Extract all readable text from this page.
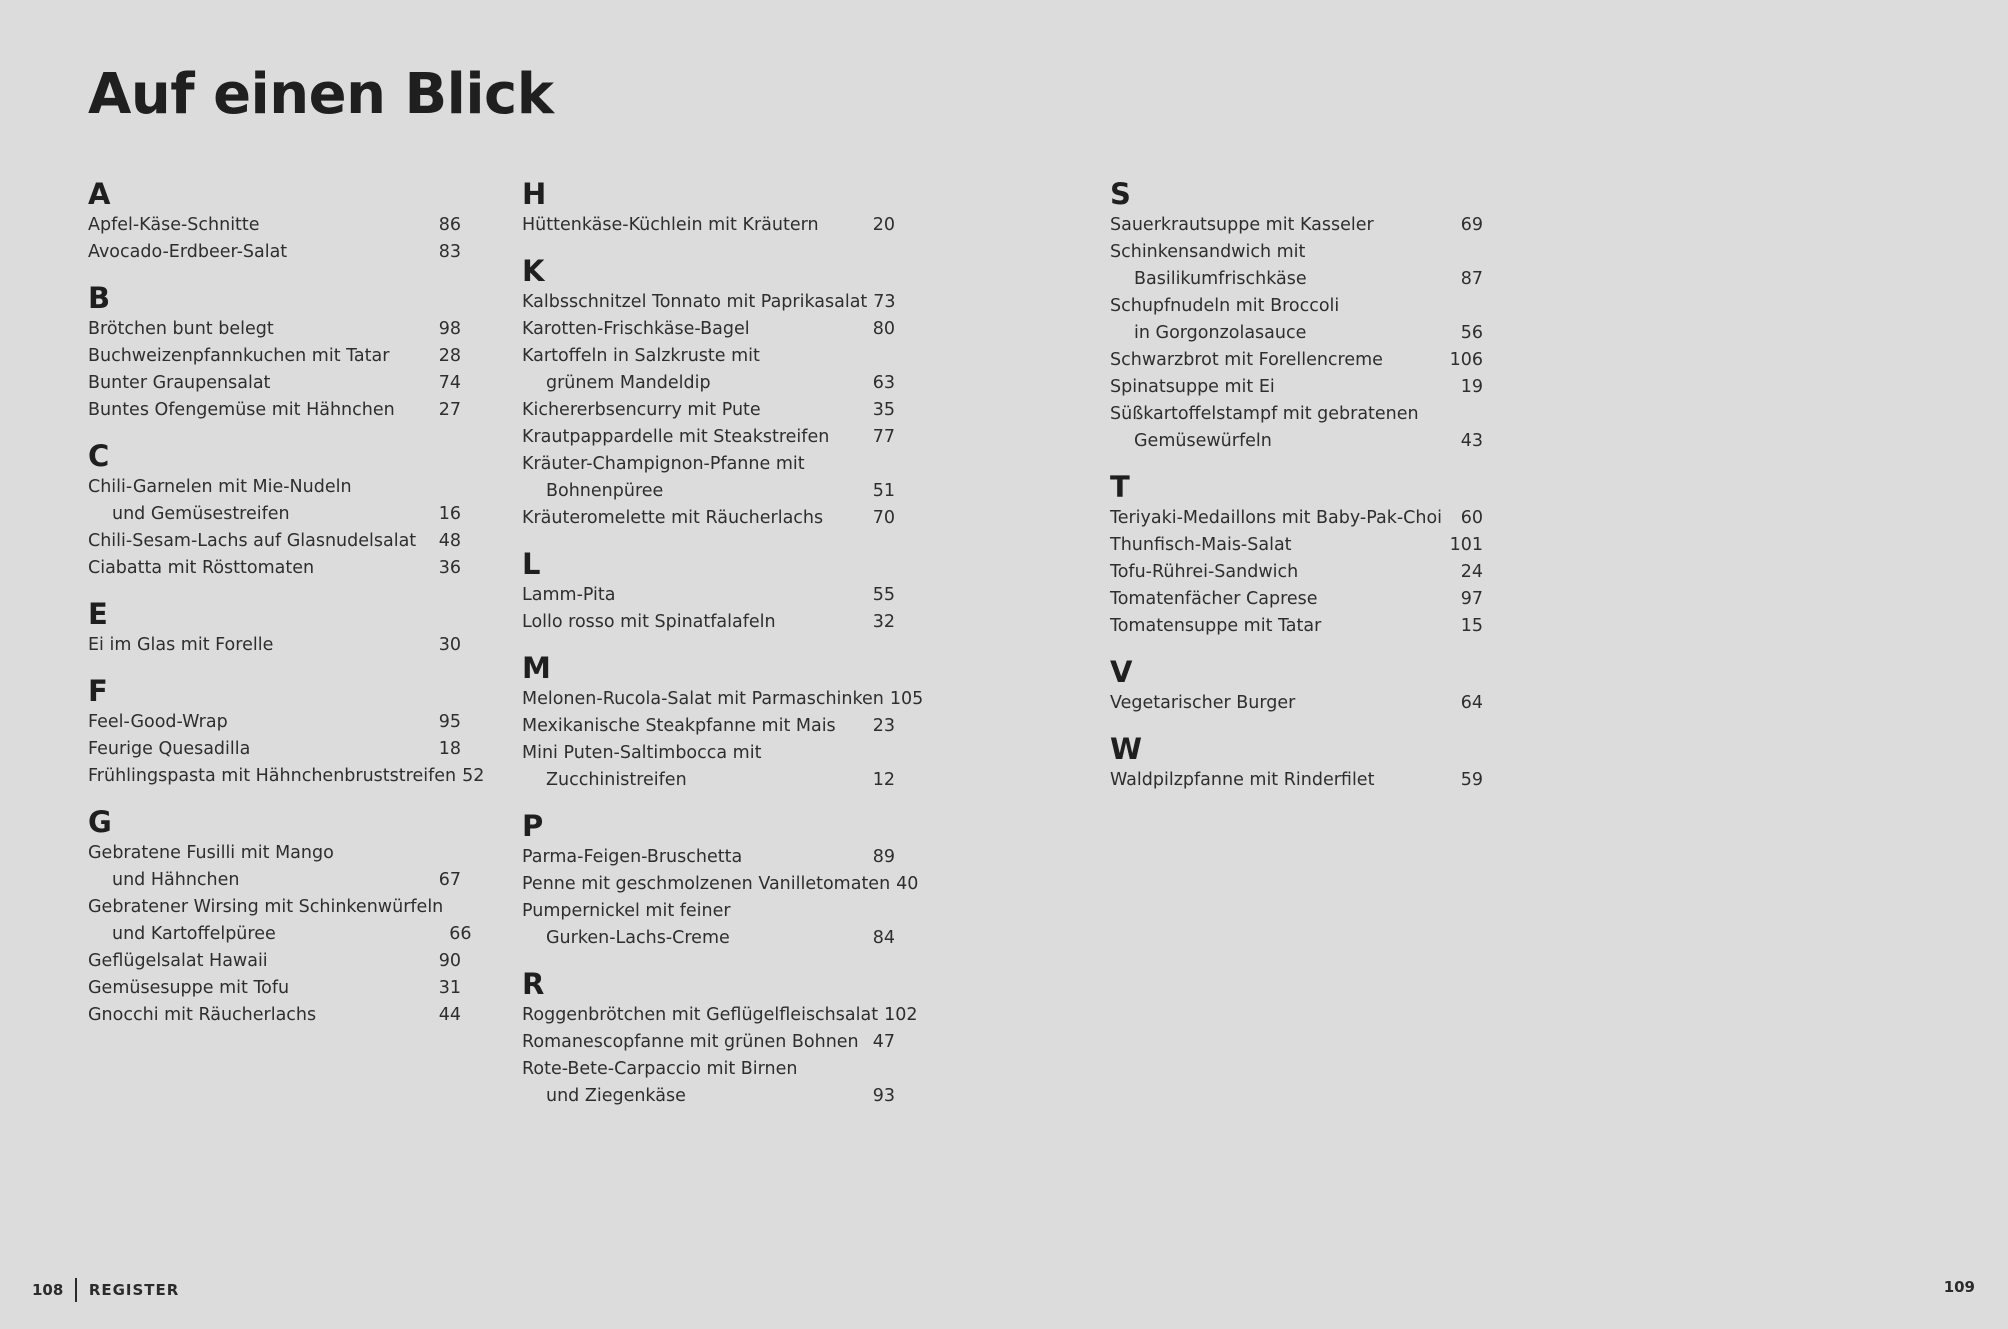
Auf einen Blick
A
Apfel-Käse-Schnitte	86
Avocado-Erdbeer-Salat	83
B
Brötchen bunt belegt	98
Buchweizenpfannkuchen mit Tatar	28
Bunter Graupensalat	74
Buntes Ofengemüse mit Hähnchen	27
C
Chili-Garnelen mit Mie-Nudeln
und Gemüsestreifen	16
Chili-Sesam-Lachs auf Glasnudelsalat	48
Ciabatta mit Rösttomaten	36
E
Ei im Glas mit Forelle	30
F
Feel-Good-Wrap	95
Feurige Quesadilla	18
Frühlingspasta mit Hähnchenbruststreifen 52
G
Gebratene Fusilli mit Mango
und Hähnchen	67
Gebratener Wirsing mit Schinkenwürfeln
und Kartoffelpüree	66
Geflügelsalat Hawaii	90
Gemüsesuppe mit Tofu	31
Gnocchi mit Räucherlachs	44
H
Hüttenkäse-Küchlein mit Kräutern	20
K
Kalbsschnitzel Tonnato mit Paprikasalat 73
Karotten-Frischkäse-Bagel	80
Kartoffeln in Salzkruste mit
grünem Mandeldip	63
Kichererbsencurry mit Pute	35
Krautpappardelle mit Steakstreifen	77
Kräuter-Champignon-Pfanne mit
Bohnenpüree	51
Kräuteromelette mit Räucherlachs	70
L
Lamm-Pita	55
Lollo rosso mit Spinatfalafeln	32
M
Melonen-Rucola-Salat mit Parmaschinken 105
Mexikanische Steakpfanne mit Mais	23
Mini Puten-Saltimbocca mit
Zucchinistreifen	12
P
Parma-Feigen-Bruschetta	89
Penne mit geschmolzenen Vanilletomaten 40
Pumpernickel mit feiner
Gurken-Lachs-Creme	84
R
Roggenbrötchen mit Geflügelfleischsalat 102
Romanescopfanne mit grünen Bohnen 47
Rote-Bete-Carpaccio mit Birnen
und Ziegenkäse	93
S
Sauerkrautsuppe mit Kasseler	69
Schinkensandwich mit
Basilikumfrischkäse	87
Schupfnudeln mit Broccoli
in Gorgonzolasauce	56
Schwarzbrot mit Forellencreme	106
Spinatsuppe mit Ei	19
Süßkartoffelstampf mit gebratenen
Gemüsewürfeln	43
T
Teriyaki-Medaillons mit Baby-Pak-Choi	60
Thunfisch-Mais-Salat	101
Tofu-Rührei-Sandwich	24
Tomatenfächer Caprese	97
Tomatensuppe mit Tatar	15
V
Vegetarischer Burger	64
W
Waldpilzpfanne mit Rinderfilet	59
108 REGISTER	109
